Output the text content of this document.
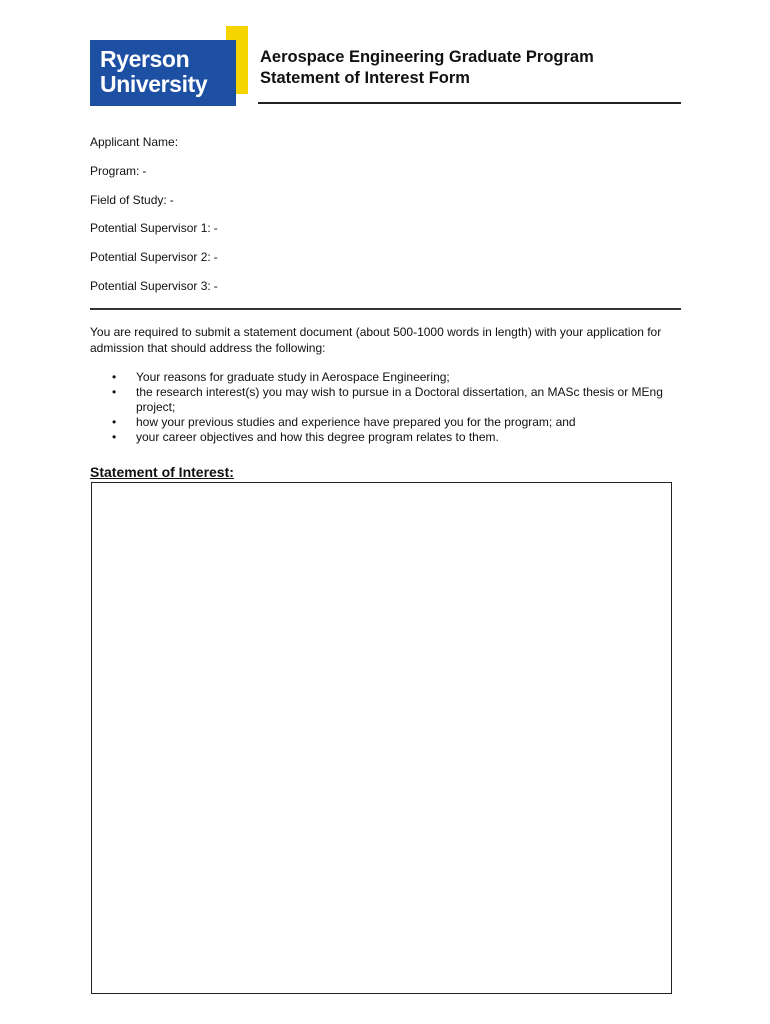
Ryerson
University
Aerospace Engineering Graduate Program
Statement of Interest Form
Applicant Name:
Program: -
Field of Study: -
Potential Supervisor 1: -
Potential Supervisor 2: -
Potential Supervisor 3: -
You are required to submit a statement document (about 500-1000 words in length) with your application for admission that should address the following:
• Your reasons for graduate study in Aerospace Engineering;
• the research interest(s) you may wish to pursue in a Doctoral dissertation, an MASc thesis or MEng project;
• how your previous studies and experience have prepared you for the program; and
• your career objectives and how this degree program relates to them.
Statement of Interest:
